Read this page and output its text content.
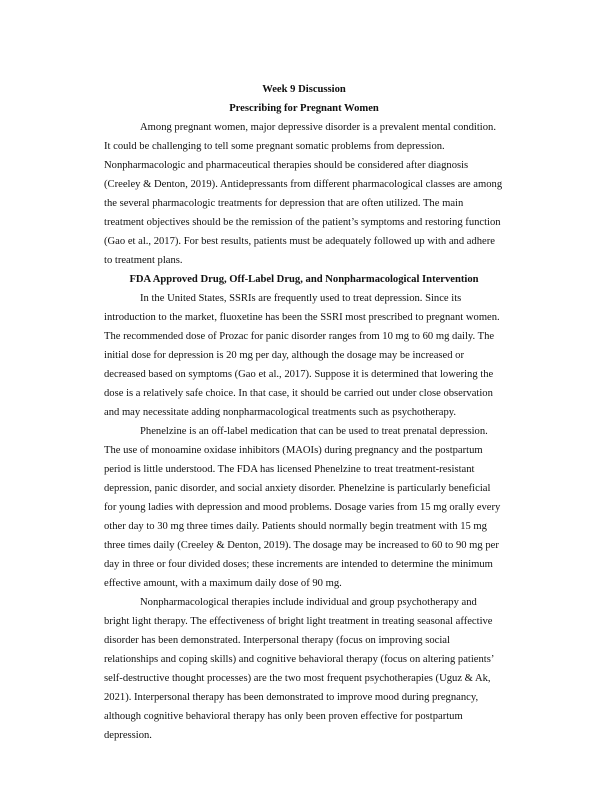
Week 9 Discussion
Prescribing for Pregnant Women

Among pregnant women, major depressive disorder is a prevalent mental condition. It could be challenging to tell some pregnant somatic problems from depression. Nonpharmacologic and pharmaceutical therapies should be considered after diagnosis (Creeley & Denton, 2019). Antidepressants from different pharmacological classes are among the several pharmacologic treatments for depression that are often utilized. The main treatment objectives should be the remission of the patient’s symptoms and restoring function (Gao et al., 2017). For best results, patients must be adequately followed up with and adhere to treatment plans.

FDA Approved Drug, Off-Label Drug, and Nonpharmacological Intervention

In the United States, SSRIs are frequently used to treat depression. Since its introduction to the market, fluoxetine has been the SSRI most prescribed to pregnant women. The recommended dose of Prozac for panic disorder ranges from 10 mg to 60 mg daily. The initial dose for depression is 20 mg per day, although the dosage may be increased or decreased based on symptoms (Gao et al., 2017). Suppose it is determined that lowering the dose is a relatively safe choice. In that case, it should be carried out under close observation and may necessitate adding nonpharmacological treatments such as psychotherapy.

Phenelzine is an off-label medication that can be used to treat prenatal depression. The use of monoamine oxidase inhibitors (MAOIs) during pregnancy and the postpartum period is little understood. The FDA has licensed Phenelzine to treat treatment-resistant depression, panic disorder, and social anxiety disorder. Phenelzine is particularly beneficial for young ladies with depression and mood problems. Dosage varies from 15 mg orally every other day to 30 mg three times daily. Patients should normally begin treatment with 15 mg three times daily (Creeley & Denton, 2019). The dosage may be increased to 60 to 90 mg per day in three or four divided doses; these increments are intended to determine the minimum effective amount, with a maximum daily dose of 90 mg.

Nonpharmacological therapies include individual and group psychotherapy and bright light therapy. The effectiveness of bright light treatment in treating seasonal affective disorder has been demonstrated. Interpersonal therapy (focus on improving social relationships and coping skills) and cognitive behavioral therapy (focus on altering patients’ self-destructive thought processes) are the two most frequent psychotherapies (Uguz & Ak, 2021). Interpersonal therapy has been demonstrated to improve mood during pregnancy, although cognitive behavioral therapy has only been proven effective for postpartum depression.
